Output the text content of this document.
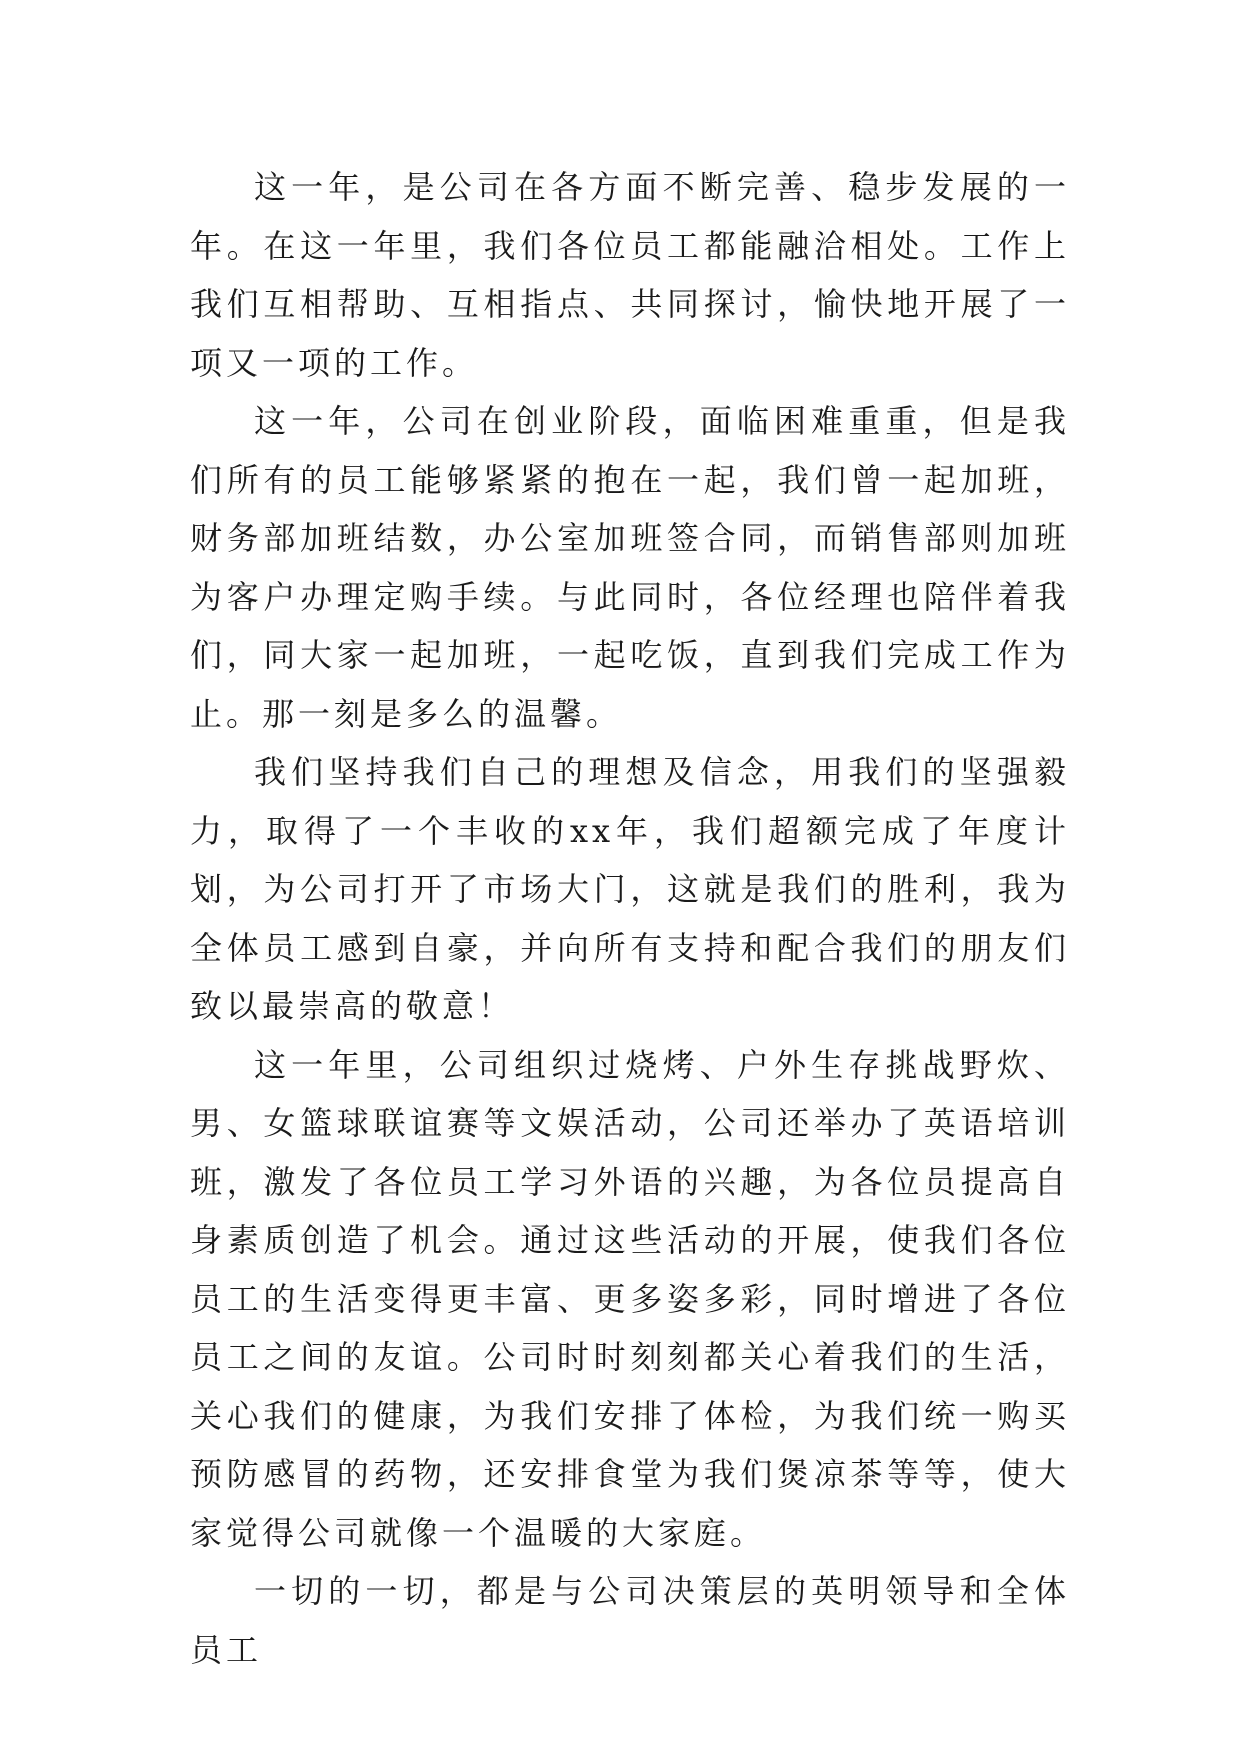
这一年，是公司在各方面不断完善、稳步发展的一年。在这一年里，我们各位员工都能融洽相处。工作上我们互相帮助、互相指点、共同探讨，愉快地开展了一项又一项的工作。

这一年，公司在创业阶段，面临困难重重，但是我们所有的员工能够紧紧的抱在一起，我们曾一起加班，财务部加班结数，办公室加班签合同，而销售部则加班为客户办理定购手续。与此同时，各位经理也陪伴着我们，同大家一起加班，一起吃饭，直到我们完成工作为止。那一刻是多么的温馨。

我们坚持我们自己的理想及信念，用我们的坚强毅力，取得了一个丰收的xx年，我们超额完成了年度计划，为公司打开了市场大门，这就是我们的胜利，我为全体员工感到自豪，并向所有支持和配合我们的朋友们致以最崇高的敬意！

这一年里，公司组织过烧烤、户外生存挑战野炊、男、女篮球联谊赛等文娱活动，公司还举办了英语培训班，激发了各位员工学习外语的兴趣，为各位员提高自身素质创造了机会。通过这些活动的开展，使我们各位员工的生活变得更丰富、更多姿多彩，同时增进了各位员工之间的友谊。公司时时刻刻都关心着我们的生活，关心我们的健康，为我们安排了体检，为我们统一购买预防感冒的药物，还安排食堂为我们煲凉茶等等，使大家觉得公司就像一个温暖的大家庭。

一切的一切，都是与公司决策层的英明领导和全体员工
